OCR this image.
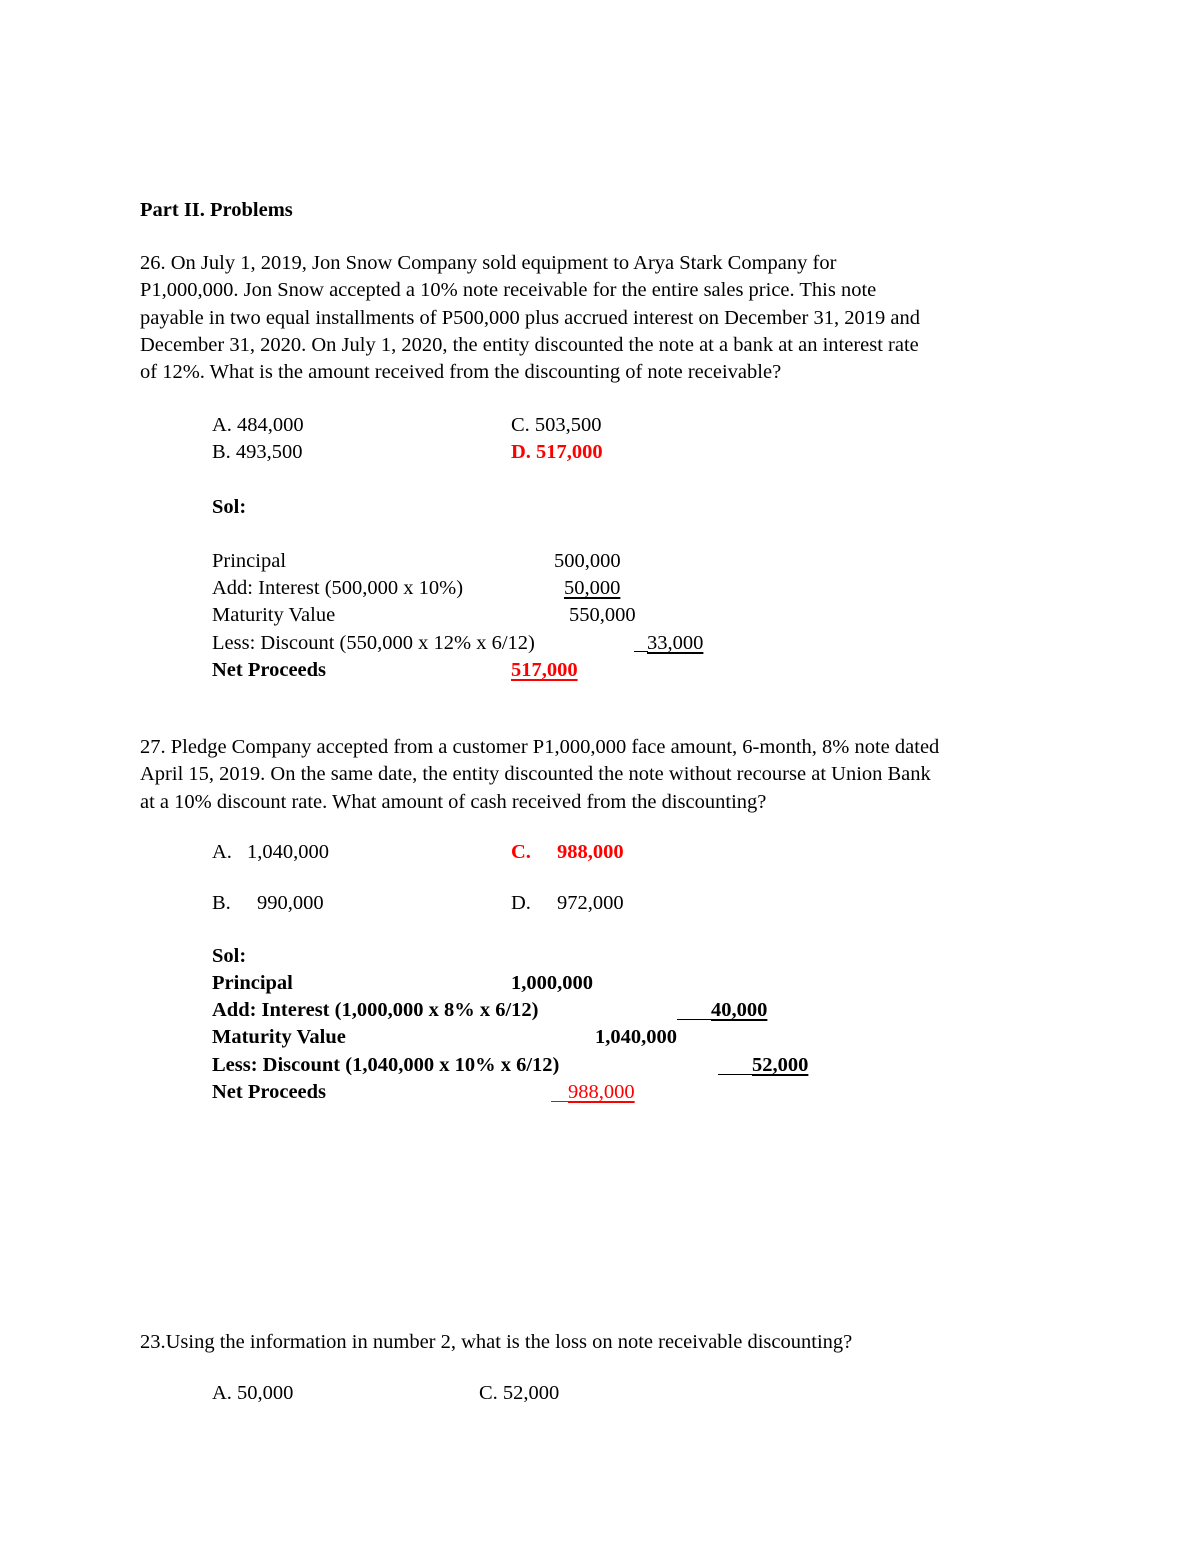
Part II. Problems
26. On July 1, 2019, Jon Snow Company sold equipment to Arya Stark Company for
P1,000,000. Jon Snow accepted a 10% note receivable for the entire sales price. This note
payable in two equal installments of P500,000 plus accrued interest on December 31, 2019 and
December 31, 2020. On July 1, 2020, the entity discounted the note at a bank at an interest rate
of 12%. What is the amount received from the discounting of note receivable?
A. 484,000
B. 493,500
C. 503,500
D. 517,000
Sol:
Principal	500,000
Add: Interest (500,000 x 10%)	50,000
Maturity Value	550,000
Less: Discount (550,000 x 12% x 6/12)	33,000
Net Proceeds	517,000
27. Pledge Company accepted from a customer P1,000,000 face amount, 6-month, 8% note dated
April 15, 2019. On the same date, the entity discounted the note without recourse at Union Bank
at a 10% discount rate. What amount of cash received from the discounting?
A. 1,040,000	C. 988,000
B. 990,000	D. 972,000
Sol:
Principal	1,000,000
Add: Interest (1,000,000 x 8% x 6/12)	40,000
Maturity Value	1,040,000
Less: Discount (1,040,000 x 10% x 6/12)	52,000
Net Proceeds	988,000
23.Using the information in number 2, what is the loss on note receivable discounting?
A. 50,000	C. 52,000
